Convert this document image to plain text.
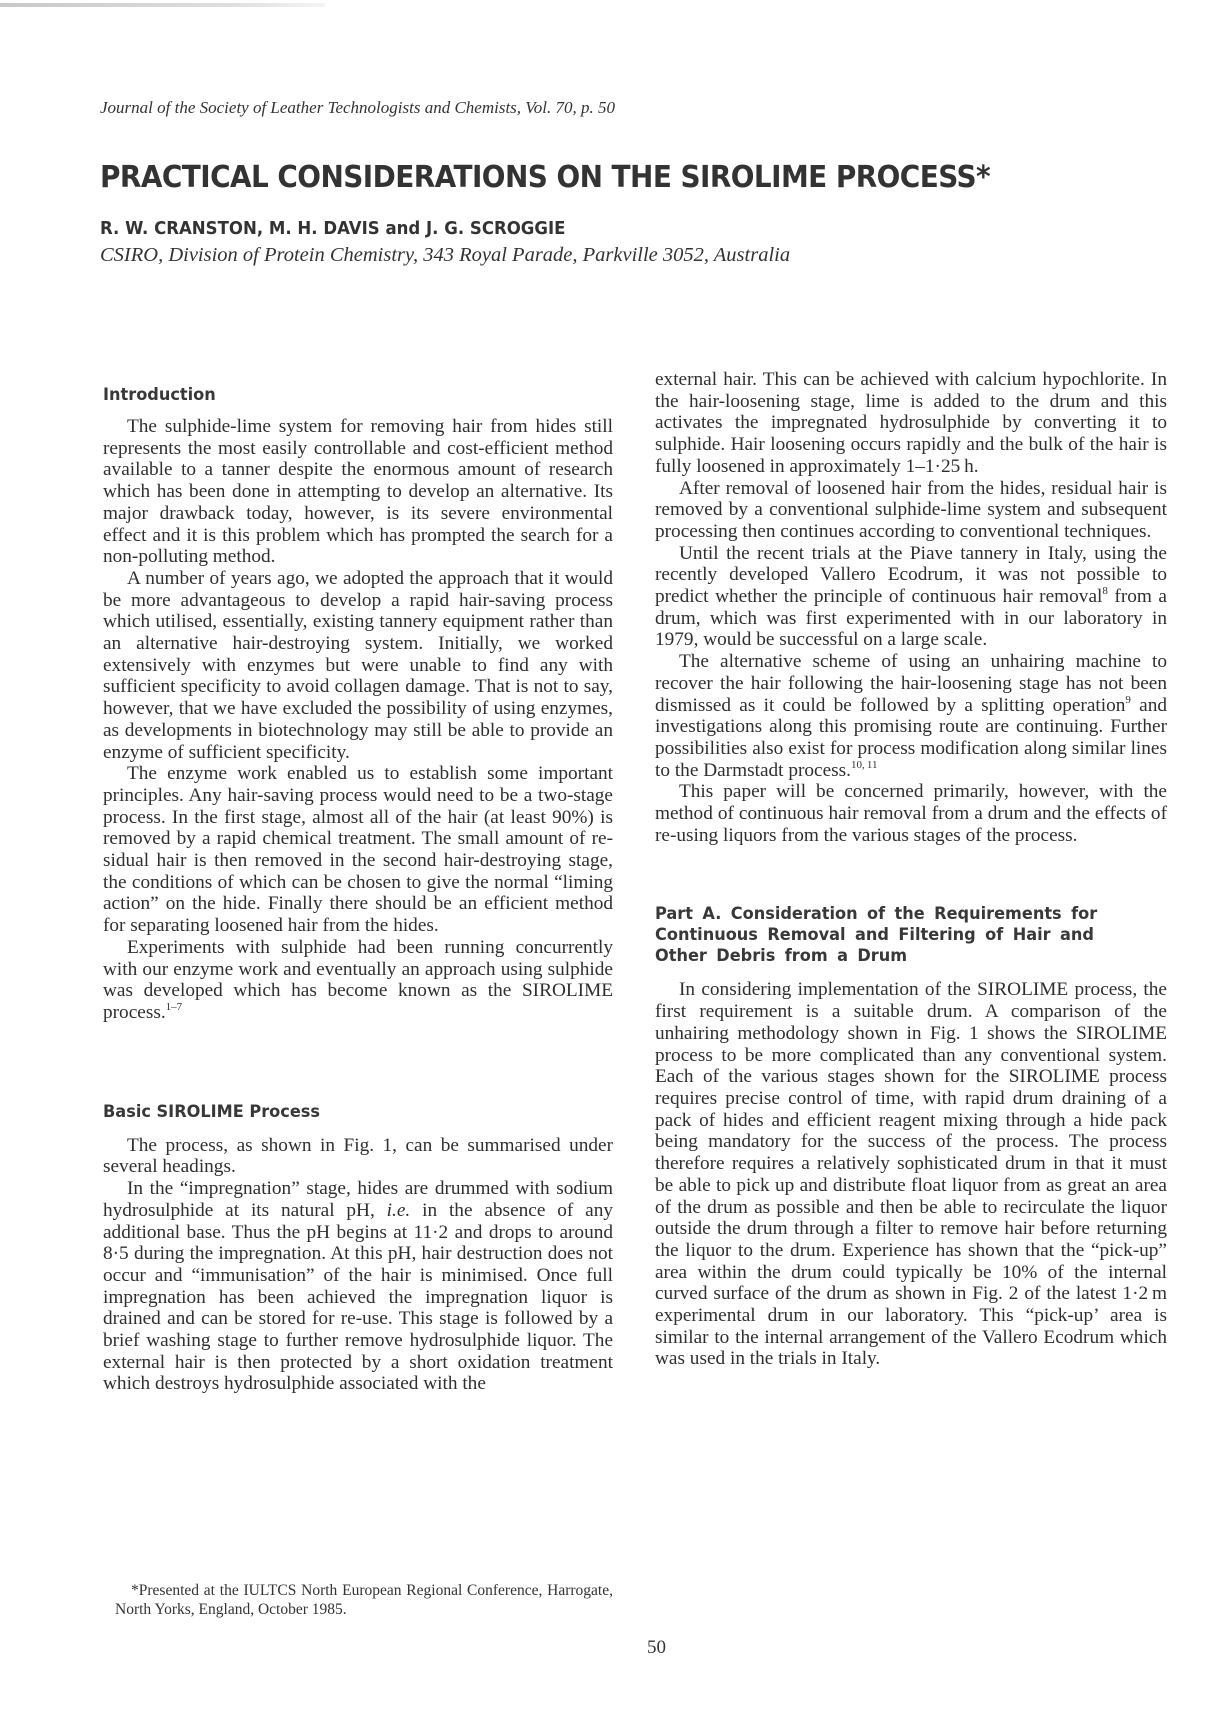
Journal of the Society of Leather Technologists and Chemists, Vol. 70, p. 50
PRACTICAL CONSIDERATIONS ON THE SIROLIME PROCESS*
R. W. CRANSTON, M. H. DAVIS and J. G. SCROGGIE
CSIRO, Division of Protein Chemistry, 343 Royal Parade, Parkville 3052, Australia
Introduction

The sulphide-lime system for removing hair from hides still represents the most easily controllable and cost-efficient method available to a tanner despite the enormous amount of research which has been done in attempting to develop an alternative. Its major drawback today, however, is its severe environmental effect and it is this problem which has prompted the search for a non-polluting method.

A number of years ago, we adopted the approach that it would be more advantageous to develop a rapid hair-saving process which utilised, essentially, existing tannery equipment rather than an alternative hair-destroying system. Initially, we worked extensively with enzymes but were unable to find any with sufficient specificity to avoid collagen damage. That is not to say, however, that we have excluded the possibility of using enzymes, as developments in biotechnology may still be able to provide an enzyme of sufficient specificity.

The enzyme work enabled us to establish some important principles. Any hair-saving process would need to be a two-stage process. In the first stage, almost all of the hair (at least 90%) is removed by a rapid chemical treatment. The small amount of residual hair is then removed in the second hair-destroying stage, the conditions of which can be chosen to give the normal “liming action” on the hide. Finally there should be an efficient method for separating loosened hair from the hides.

Experiments with sulphide had been running concurrently with our enzyme work and eventually an approach using sulphide was developed which has become known as the SIROLIME process.$^{1-7}$

Basic SIROLIME Process

The process, as shown in Fig. 1, can be summarised under several headings.

In the “impregnation” stage, hides are drummed with sodium hydrosulphide at its natural pH, i.e. in the absence of any additional base. Thus the pH begins at 11·2 and drops to around 8·5 during the impregnation. At this pH, hair destruction does not occur and “immunisation” of the hair is minimised. Once full impregnation has been achieved the impregnation liquor is drained and can be stored for re-use. This stage is followed by a brief washing stage to further remove hydrosulphide liquor. The external hair is then protected by a short oxidation treatment which destroys hydrosulphide associated with the

external hair. This can be achieved with calcium hypochlorite. In the hair-loosening stage, lime is added to the drum and this activates the impregnated hydrosulphide by converting it to sulphide. Hair loosening occurs rapidly and the bulk of the hair is fully loosened in approximately 1–1·25 h.

After removal of loosened hair from the hides, residual hair is removed by a conventional sulphide-lime system and subsequent processing then continues according to conventional techniques.

Until the recent trials at the Piave tannery in Italy, using the recently developed Vallero Ecodrum, it was not possible to predict whether the principle of continuous hair removal$^8$ from a drum, which was first experimented with in our laboratory in 1979, would be successful on a large scale.

The alternative scheme of using an unhairing machine to recover the hair following the hair-loosening stage has not been dismissed as it could be followed by a splitting operation$^9$ and investigations along this promising route are continuing. Further possibilities also exist for process modification along similar lines to the Darmstadt process.$^{10, 11}$

This paper will be concerned primarily, however, with the method of continuous hair removal from a drum and the effects of re-using liquors from the various stages of the process.

Part A. Consideration of the Requirements for Continuous Removal and Filtering of Hair and Other Debris from a Drum

In considering implementation of the SIROLIME process, the first requirement is a suitable drum. A comparison of the unhairing methodology shown in Fig. 1 shows the SIROLIME process to be more complicated than any conventional system. Each of the various stages shown for the SIROLIME process requires precise control of time, with rapid drum draining of a pack of hides and efficient reagent mixing through a hide pack being mandatory for the success of the process. The process therefore requires a relatively sophisticated drum in that it must be able to pick up and distribute float liquor from as great an area of the drum as possible and then be able to recirculate the liquor outside the drum through a filter to remove hair before returning the liquor to the drum. Experience has shown that the “pick-up” area within the drum could typically be 10% of the internal curved surface of the drum as shown in Fig. 2 of the latest 1·2 m experimental drum in our laboratory. This “pick-up’ area is similar to the internal arrangement of the Vallero Ecodrum which was used in the trials in Italy.

*Presented at the IULTCS North European Regional Conference, Harrogate, North Yorks, England, October 1985.

50
